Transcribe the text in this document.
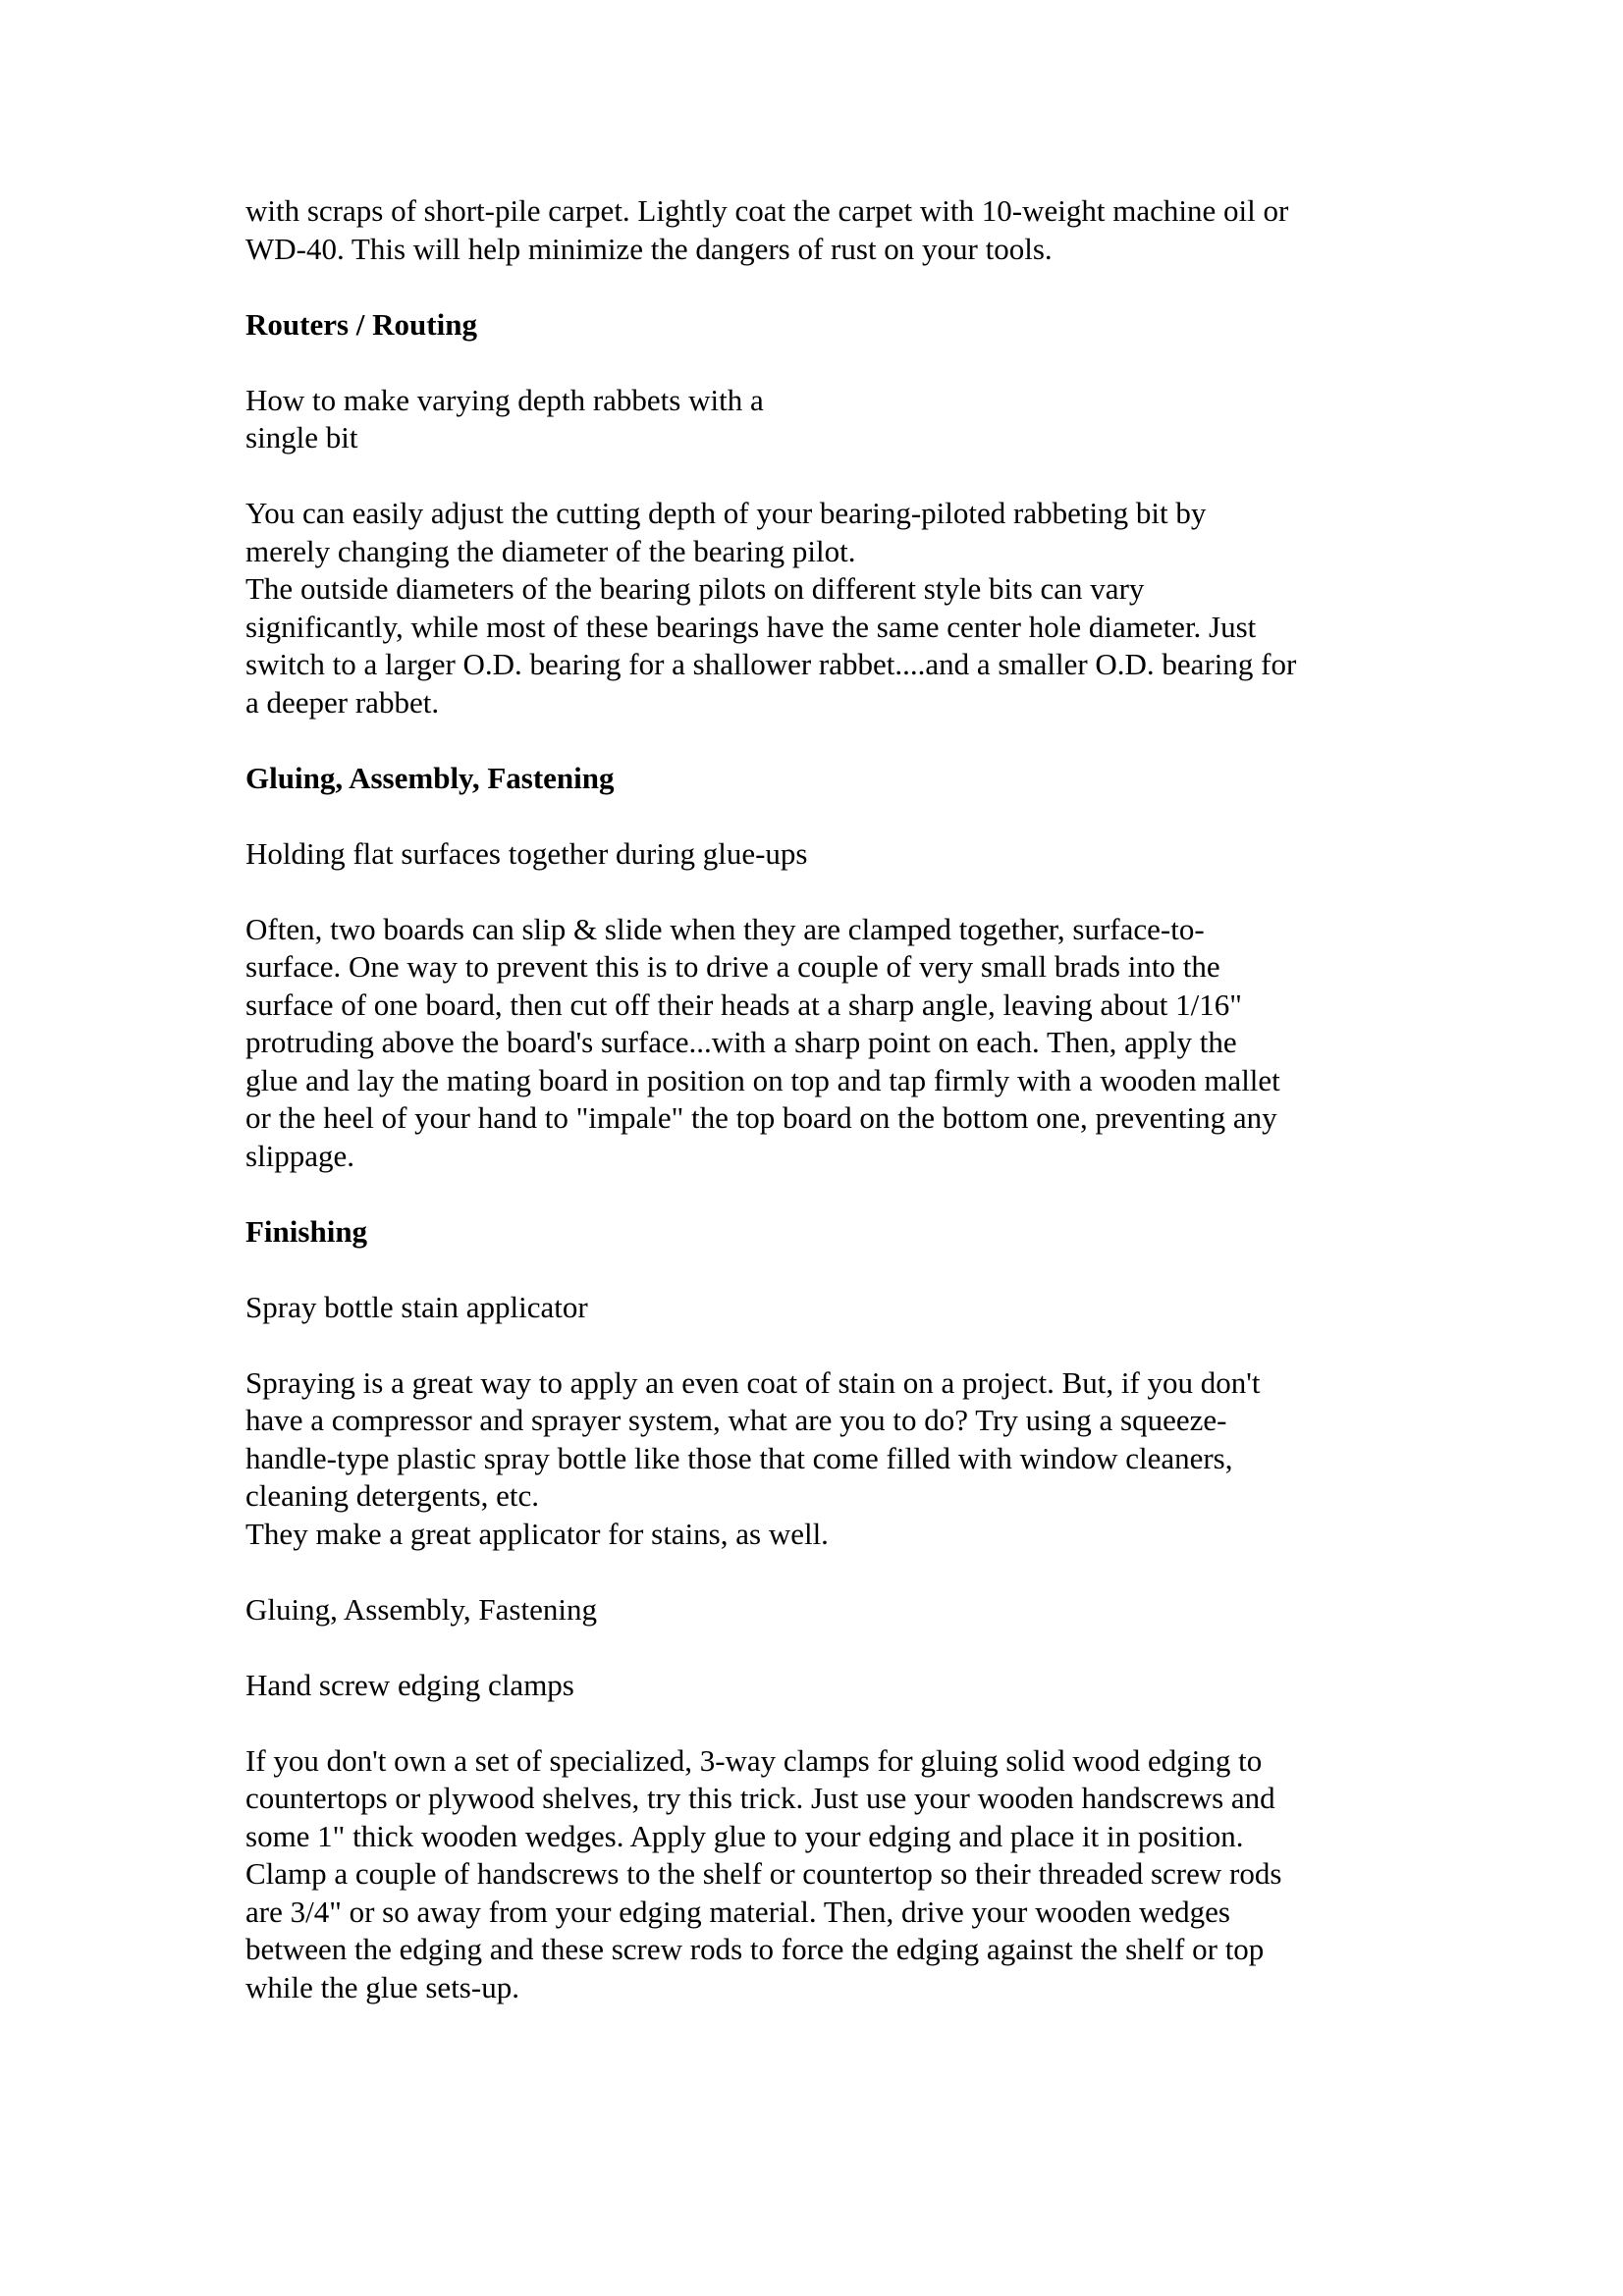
with scraps of short-pile carpet. Lightly coat the carpet with 10-weight machine oil or
WD-40. This will help minimize the dangers of rust on your tools.

Routers / Routing

How to make varying depth rabbets with a
single bit

You can easily adjust the cutting depth of your bearing-piloted rabbeting bit by
merely changing the diameter of the bearing pilot.
The outside diameters of the bearing pilots on different style bits can vary
significantly, while most of these bearings have the same center hole diameter. Just
switch to a larger O.D. bearing for a shallower rabbet....and a smaller O.D. bearing for
a deeper rabbet.

Gluing, Assembly, Fastening

Holding flat surfaces together during glue-ups

Often, two boards can slip & slide when they are clamped together, surface-to-
surface. One way to prevent this is to drive a couple of very small brads into the
surface of one board, then cut off their heads at a sharp angle, leaving about 1/16"
protruding above the board's surface...with a sharp point on each. Then, apply the
glue and lay the mating board in position on top and tap firmly with a wooden mallet
or the heel of your hand to "impale" the top board on the bottom one, preventing any
slippage.

Finishing

Spray bottle stain applicator

Spraying is a great way to apply an even coat of stain on a project. But, if you don't
have a compressor and sprayer system, what are you to do? Try using a squeeze-
handle-type plastic spray bottle like those that come filled with window cleaners,
cleaning detergents, etc.
They make a great applicator for stains, as well.

Gluing, Assembly, Fastening

Hand screw edging clamps

If you don't own a set of specialized, 3-way clamps for gluing solid wood edging to
countertops or plywood shelves, try this trick. Just use your wooden handscrews and
some 1" thick wooden wedges. Apply glue to your edging and place it in position.
Clamp a couple of handscrews to the shelf or countertop so their threaded screw rods
are 3/4" or so away from your edging material. Then, drive your wooden wedges
between the edging and these screw rods to force the edging against the shelf or top
while the glue sets-up.
